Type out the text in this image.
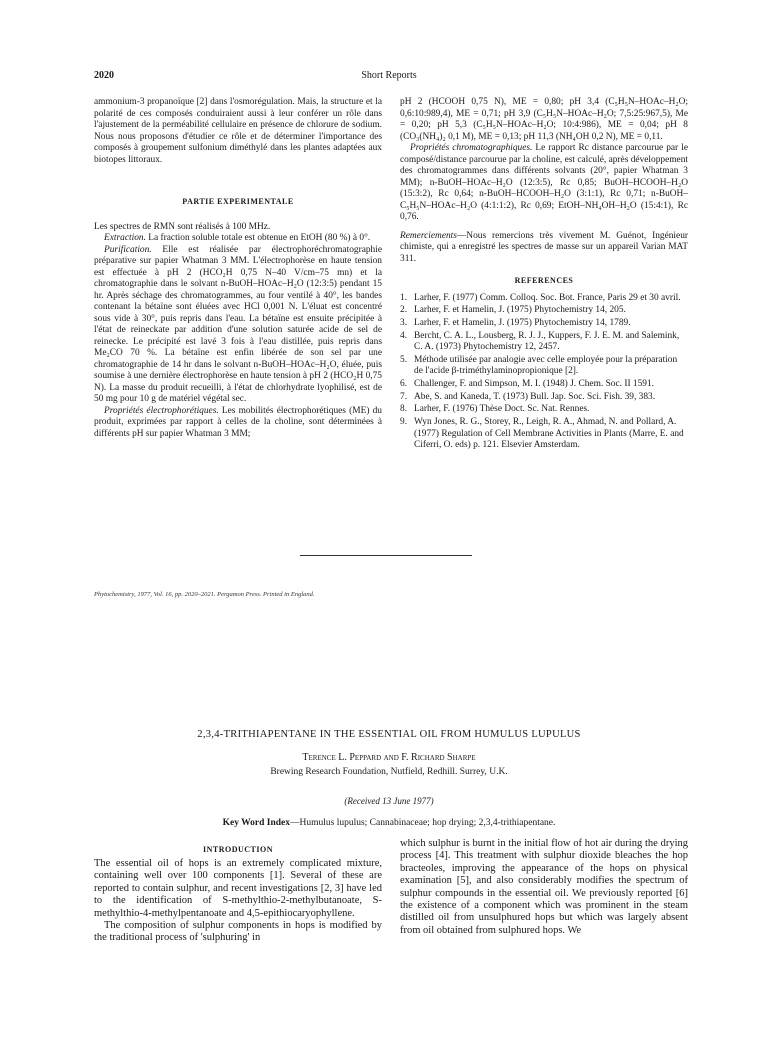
2020	Short Reports

ammonium-3 propanoïque [2] dans l'osmorégulation. Mais, la structure et la polarité de ces composés conduiraient aussi à leur conférer un rôle dans l'ajustement de la perméabilité cellulaire en présence de chlorure de sodium. Nous nous proposons d'étudier ce rôle et de déterminer l'importance des composés à groupement sulfonium diméthylé dans les plantes adaptées aux biotopes littoraux.

PARTIE EXPERIMENTALE

Les spectres de RMN sont réalisés à 100 MHz.

Extraction. La fraction soluble totale est obtenue en EtOH (80 %) à 0°.

Purification. Elle est réalisée par électrophoréchromatographie préparative sur papier Whatman 3 MM. L'électrophorèse en haute tension est effectuée à pH 2 (HCO₂H 0,75 N–40 V/cm–75 mn) et la chromatographie dans le solvant n-BuOH–HOAc–H₂O (12:3:5) pendant 15 hr. Après séchage des chromatogrammes, au four ventilé à 40°, les bandes contenant la bétaïne sont éluées avec HCl 0,001 N. L'éluat est concentré sous vide à 30°, puis repris dans l'eau. La bétaïne est ensuite précipitée à l'état de reineckate par addition d'une solution saturée acide de sel de reinecke. Le précipité est lavé 3 fois à l'eau distillée, puis repris dans Me₂CO 70 %. La bétaïne est enfin libérée de son sel par une chromatographie de 14 hr dans le solvant n-BuOH–HOAc–H₂O, éluée, puis soumise à une dernière électrophorèse en haute tension à pH 2 (HCO₂H 0,75 N). La masse du produit recueilli, à l'état de chlorhydrate lyophilisé, est de 50 mg pour 10 g de matériel végétal sec.

Propriétés électrophorétiques. Les mobilités électrophorétiques (ME) du produit, exprimées par rapport à celles de la choline, sont déterminées à différents pH sur papier Whatman 3 MM;

pH 2 (HCOOH 0,75 N), ME = 0,80; pH 3,4 (C₅H₅N–HOAc–H₂O; 0,6:10:989,4), ME = 0,71; pH 3,9 (C₅H₅N–HOAc–H₂O; 7,5:25:967,5), Me = 0,20; pH 5,3 (C₅H₅N–HOAc–H₂O; 10:4:986), ME = 0,04; pH 8 (CO₃(NH₄)₂ 0,1 M), ME = 0,13; pH 11,3 (NH₄OH 0,2 N), ME = 0,11.

Propriétés chromatographiques. Le rapport Rc distance parcourue par le composé/distance parcourue par la choline, est calculé, après développement des chromatogrammes dans différents solvants (20°, papier Whatman 3 MM); n-BuOH–HOAc–H₂O (12:3:5), Rc 0,85; BuOH–HCOOH–H₂O (15:3:2), Rc 0,64; n-BuOH–HCOOH–H₂O (3:1:1), Rc 0,71; n-BuOH–C₅H₅N–HOAc–H₂O (4:1:1:2), Rc 0,69; EtOH–NH₄OH–H₂O (15:4:1), Rc 0,76.

Remerciements—Nous remercions très vivement M. Guénot, Ingénieur chimiste, qui a enregistré les spectres de masse sur un appareil Varian MAT 311.

REFERENCES
1. Larher, F. (1977) Comm. Colloq. Soc. Bot. France, Paris 29 et 30 avril.
2. Larher, F. et Hamelin, J. (1975) Phytochemistry 14, 205.
3. Larher, F. et Hamelin, J. (1975) Phytochemistry 14, 1789.
4. Bercht, C. A. L., Lousberg, R. J. J., Kuppers, F. J. E. M. and Salemink, C. A. (1973) Phytochemistry 12, 2457.
5. Méthode utilisée par analogie avec celle employée pour la préparation de l'acide β-triméthylaminopropionique [2].
6. Challenger, F. and Simpson, M. I. (1948) J. Chem. Soc. II 1591.
7. Abe, S. and Kaneda, T. (1973) Bull. Jap. Soc. Sci. Fish. 39, 383.
8. Larher, F. (1976) Thèse Doct. Sc. Nat. Rennes.
9. Wyn Jones, R. G., Storey, R., Leigh, R. A., Ahmad, N. and Pollard, A. (1977) Regulation of Cell Membrane Activities in Plants (Marre, E. and Ciferri, O. eds) p. 121. Elsevier Amsterdam.
Phytochemistry, 1977, Vol. 16, pp. 2020–2021. Pergamon Press. Printed in England.
2,3,4-TRITHIAPENTANE IN THE ESSENTIAL OIL FROM HUMULUS LUPULUS
Terence L. Peppard and F. Richard Sharpe
Brewing Research Foundation, Nutfield, Redhill. Surrey, U.K.
(Received 13 June 1977)
Key Word Index—Humulus lupulus; Cannabinaceae; hop drying; 2,3,4-trithiapentane.
INTRODUCTION

The essential oil of hops is an extremely complicated mixture, containing well over 100 components [1]. Several of these are reported to contain sulphur, and recent investigations [2, 3] have led to the identification of S-methylthio-2-methylbutanoate, S-methylthio-4-methylpentanoate and 4,5-epithiocaryophyllene.

The composition of sulphur components in hops is modified by the traditional process of 'sulphuring' in

which sulphur is burnt in the initial flow of hot air during the drying process [4]. This treatment with sulphur dioxide bleaches the hop bracteoles, improving the appearance of the hops on physical examination [5], and also considerably modifies the spectrum of sulphur compounds in the essential oil. We previously reported [6] the existence of a component which was prominent in the steam distilled oil from unsulphured hops but which was largely absent from oil obtained from sulphured hops. We
